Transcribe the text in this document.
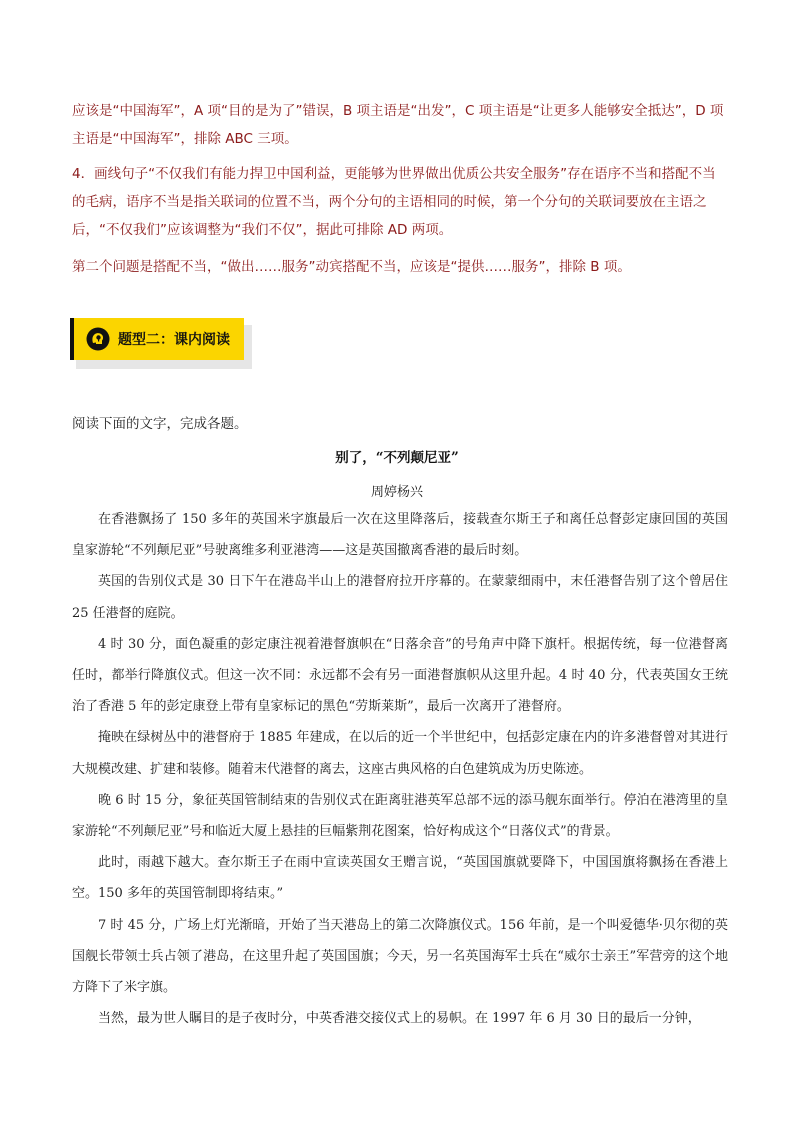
应该是“中国海军”，A 项“目的是为了”错误，B 项主语是“出发”，C 项主语是“让更多人能够安全抵达”，D 项主语是“中国海军”，排除 ABC 三项。

4．画线句子“不仅我们有能力捍卫中国利益，更能够为世界做出优质公共安全服务”存在语序不当和搭配不当的毛病，语序不当是指关联词的位置不当，两个分句的主语相同的时候，第一个分句的关联词要放在主语之后，“不仅我们”应该调整为“我们不仅”，据此可排除 AD 两项。

第二个问题是搭配不当，“做出……服务”动宾搭配不当，应该是“提供……服务”，排除 B 项。

题型二：课内阅读
阅读下面的文字，完成各题。
别了，“不列颠尼亚”
周婷杨兴

在香港飘扬了 150 多年的英国米字旗最后一次在这里降落后，接载查尔斯王子和离任总督彭定康回国的英国皇家游轮“不列颠尼亚”号驶离维多利亚港湾——这是英国撤离香港的最后时刻。

英国的告别仪式是 30 日下午在港岛半山上的港督府拉开序幕的。在蒙蒙细雨中，末任港督告别了这个曾居住 25 任港督的庭院。

4 时 30 分，面色凝重的彭定康注视着港督旗帜在“日落余音”的号角声中降下旗杆。根据传统，每一位港督离任时，都举行降旗仪式。但这一次不同：永远都不会有另一面港督旗帜从这里升起。4 时 40 分，代表英国女王统治了香港 5 年的彭定康登上带有皇家标记的黑色“劳斯莱斯”，最后一次离开了港督府。

掩映在绿树丛中的港督府于 1885 年建成，在以后的近一个半世纪中，包括彭定康在内的许多港督曾对其进行大规模改建、扩建和装修。随着末代港督的离去，这座古典风格的白色建筑成为历史陈迹。

晚 6 时 15 分，象征英国管制结束的告别仪式在距离驻港英军总部不远的添马舰东面举行。停泊在港湾里的皇家游轮“不列颠尼亚”号和临近大厦上悬挂的巨幅紫荆花图案，恰好构成这个“日落仪式”的背景。

此时，雨越下越大。查尔斯王子在雨中宣读英国女王赠言说，“英国国旗就要降下，中国国旗将飘扬在香港上空。150 多年的英国管制即将结束。”

7 时 45 分，广场上灯光渐暗，开始了当天港岛上的第二次降旗仪式。156 年前，是一个叫爱德华·贝尔彻的英国舰长带领士兵占领了港岛，在这里升起了英国国旗；今天，另一名英国海军士兵在“威尔士亲王”军营旁的这个地方降下了米字旗。

当然，最为世人瞩目的是子夜时分，中英香港交接仪式上的易帜。在 1997 年 6 月 30 日的最后一分钟，
